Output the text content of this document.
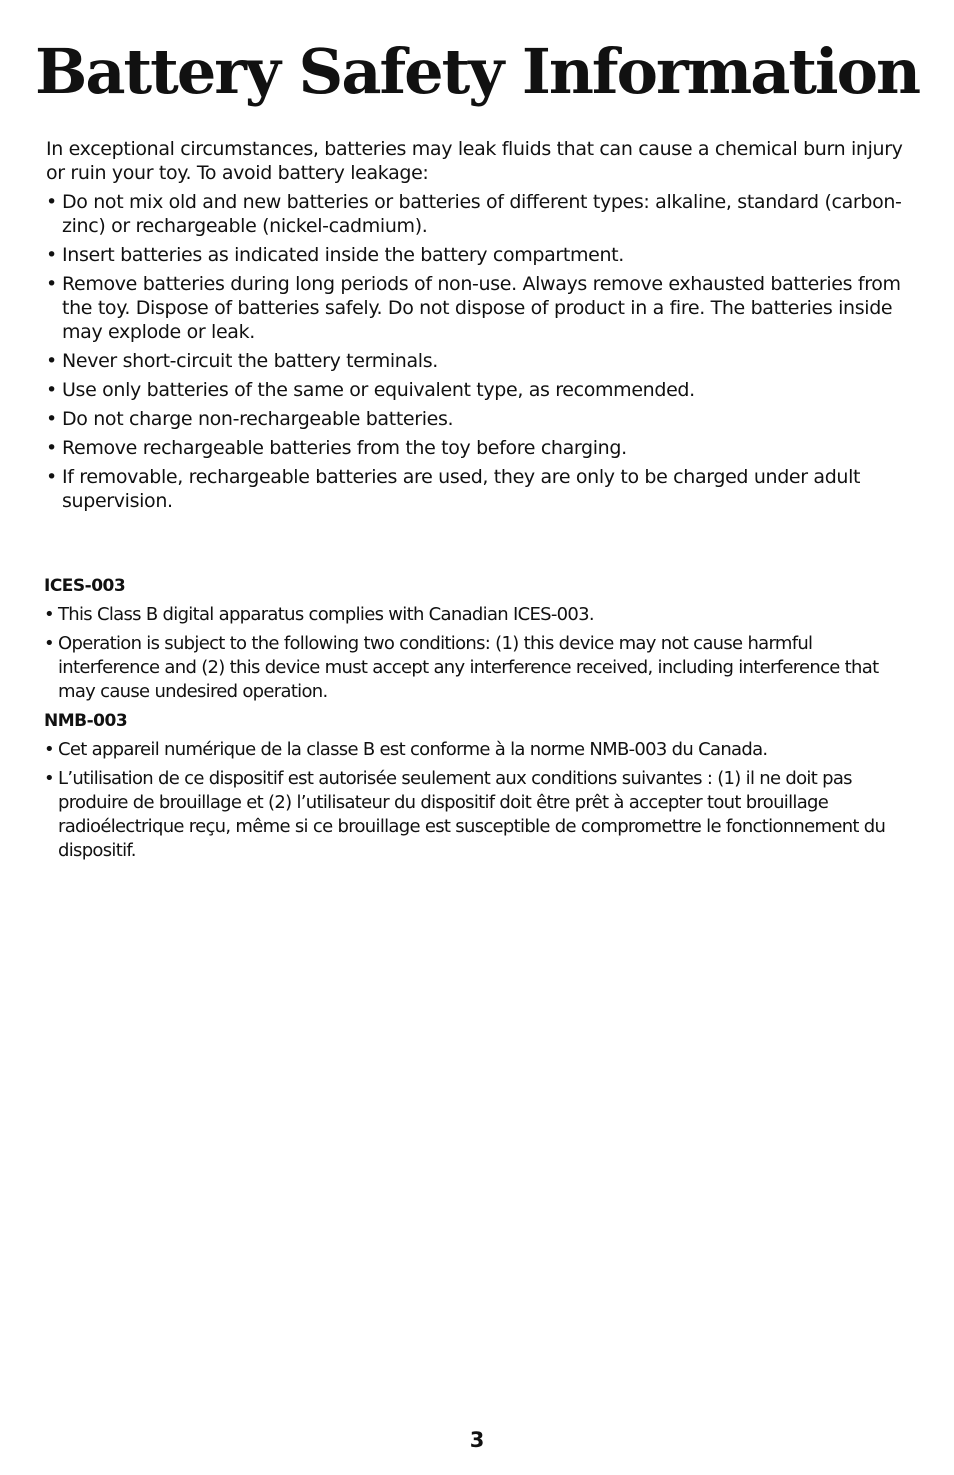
Battery Safety Information

In exceptional circumstances, batteries may leak fluids that can cause a chemical burn injury or ruin your toy. To avoid battery leakage:

• Do not mix old and new batteries or batteries of different types: alkaline, standard (carbon-zinc) or rechargeable (nickel-cadmium).
• Insert batteries as indicated inside the battery compartment.
• Remove batteries during long periods of non-use. Always remove exhausted batteries from the toy. Dispose of batteries safely. Do not dispose of product in a fire. The batteries inside may explode or leak.
• Never short-circuit the battery terminals.
• Use only batteries of the same or equivalent type, as recommended.
• Do not charge non-rechargeable batteries.
• Remove rechargeable batteries from the toy before charging.
• If removable, rechargeable batteries are used, they are only to be charged under adult supervision.
ICES-003
• This Class B digital apparatus complies with Canadian ICES-003.
• Operation is subject to the following two conditions: (1) this device may not cause harmful interference and (2) this device must accept any interference received, including interference that may cause undesired operation.
NMB-003
• Cet appareil numérique de la classe B est conforme à la norme NMB-003 du Canada.
• L’utilisation de ce dispositif est autorisée seulement aux conditions suivantes : (1) il ne doit pas produire de brouillage et (2) l’utilisateur du dispositif doit être prêt à accepter tout brouillage radioélectrique reçu, même si ce brouillage est susceptible de compromettre le fonctionnement du dispositif.
3
